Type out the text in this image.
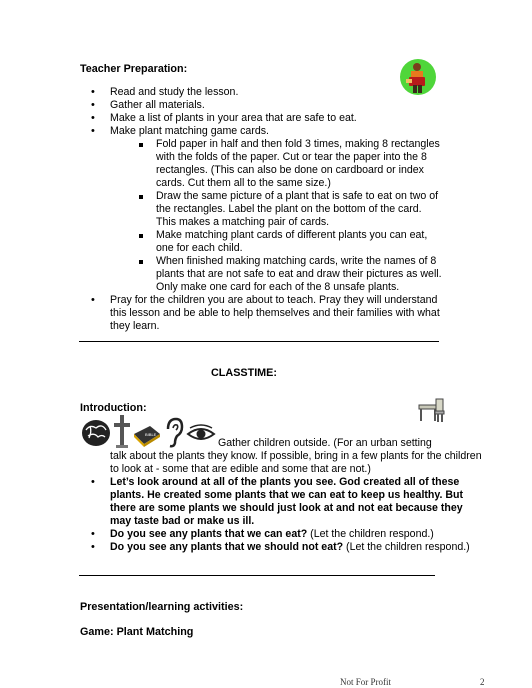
Teacher Preparation:
• Read and study the lesson.
• Gather all materials.
• Make a list of plants in your area that are safe to eat.
• Make plant matching game cards.
Fold paper in half and then fold 3 times, making 8 rectangles with the folds of the paper. Cut or tear the paper into the 8 rectangles. (This can also be done on cardboard or index cards. Cut them all to the same size.)
Draw the same picture of a plant that is safe to eat on two of the rectangles. Label the plant on the bottom of the card. This makes a matching pair of cards.
Make matching plant cards of different plants you can eat, one for each child.
When finished making matching cards, write the names of 8 plants that are not safe to eat and draw their pictures as well. Only make one card for each of the 8 unsafe plants.
• Pray for the children you are about to teach. Pray they will understand this lesson and be able to help themselves and their families with what they learn.
CLASSTIME:
Introduction:
BIBLE
Gather children outside. (For an urban setting
talk about the plants they know. If possible, bring in a few plants for the children to look at - some that are edible and some that are not.)
• Let’s look around at all of the plants you see. God created all of these plants. He created some plants that we can eat to keep us healthy. But there are some plants we should just look at and not eat because they may taste bad or make us ill.
• Do you see any plants that we can eat? (Let the children respond.)
• Do you see any plants that we should not eat? (Let the children respond.)
Presentation/learning activities:
Game: Plant Matching
Not For Profit	2
